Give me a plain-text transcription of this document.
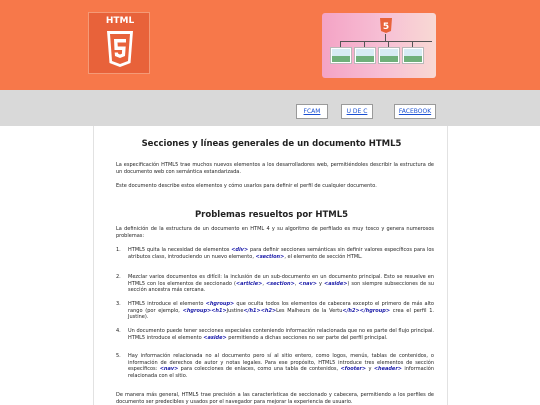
HTML
5
FCAM	U DE C	FACEBOOK
Secciones y líneas generales de un documento HTML5
La especificación HTML5 trae muchos nuevos elementos a los desarrolladores web, permitiéndoles describir la estructura de un documento web con semántica estandarizada.
Este documento describe estos elementos y cómo usarlos para definir el perfil de cualquier documento.
Problemas resueltos por HTML5
La definición de la estructura de un documento en HTML 4 y su algoritmo de perfilado es muy tosco y genera numerosos problemas:
1. HTML5 quita la necesidad de elementos <div> para definir secciones semánticas sin definir valores específicos para los atributos class, introduciendo un nuevo elemento, <section>, el elemento de sección HTML.
2. Mezclar varios documentos es difícil: la inclusión de un sub-documento en un documento principal. Esto se resuelve en HTML5 con los elementos de seccionado (<article>, <section>, <nav> y <aside>) son siempre subsecciones de su sección ancestra más cercana.
3. HTML5 introduce el elemento <hgroup> que ocultа todos los elementos de cabecera excepto el primero de más alto rango (por ejemplo, <hgroup><h1>Justine</h1><h2>Les Malheurs de la Vertu</h2></hgroup> crea el perfil 1. Justine).
4. Un documento puede tener secciones especiales conteniendo información relacionada que no es parte del flujo principal. HTML5 introduce el elemento <aside> permitiendo a dichas secciones no ser parte del perfil principal.
5. Hay información relacionada no al documento pero sí al sitio entero, como logos, menús, tablas de contenidos, o información de derechos de autor y notas legales. Para ese propósito, HTML5 introduce tres elementos de sección específicos: <nav> para colecciones de enlaces, como una tabla de contenidos, <footer> y <header> información relacionada con el sitio.
De manera más general, HTML5 trae precisión a las características de seccionado y cabecera, permitiendo a los perfiles de documento ser predecibles y usados por el navegador para mejorar la experiencia de usuario.
